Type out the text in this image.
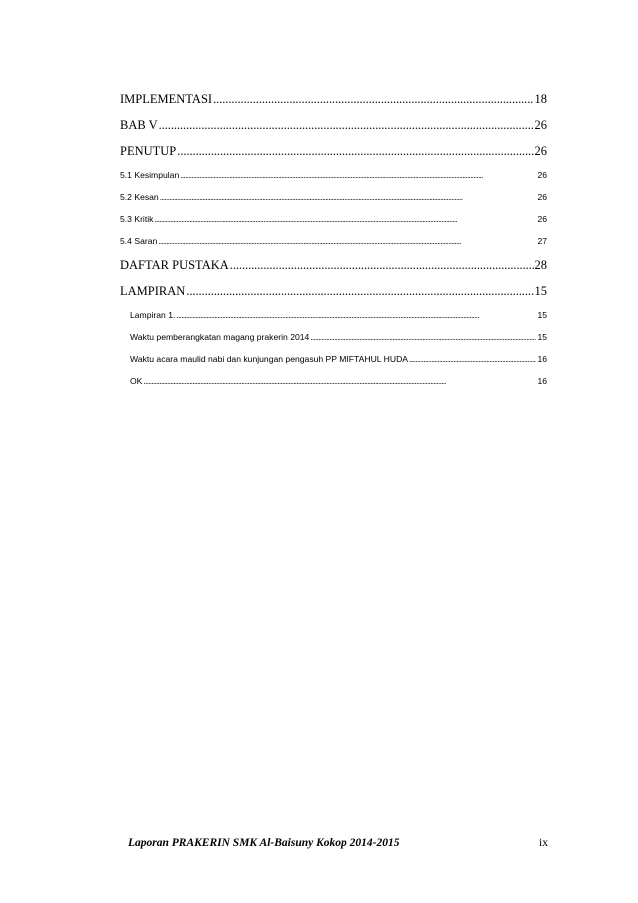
IMPLEMENTASI . . .	18
BAB V . . .	26
PENUTUP . . .	26
5.1 Kesimpulan . . .	26
5.2 Kesan . . .	26
5.3 Kritik . . .	26
5.4 Saran . . .	27
DAFTAR PUSTAKA . . .	28
LAMPIRAN . . .	15
Lampiran 1. . . .	15
Waktu pemberangkatan magang prakerin 2014 . . .	15
Waktu acara maulid nabi dan kunjungan pengasuh PP MIFTAHUL HUDA . . .	16
OK . . .	16
Laporan PRAKERIN SMK Al-Baisuny Kokop 2014-2015	ix
